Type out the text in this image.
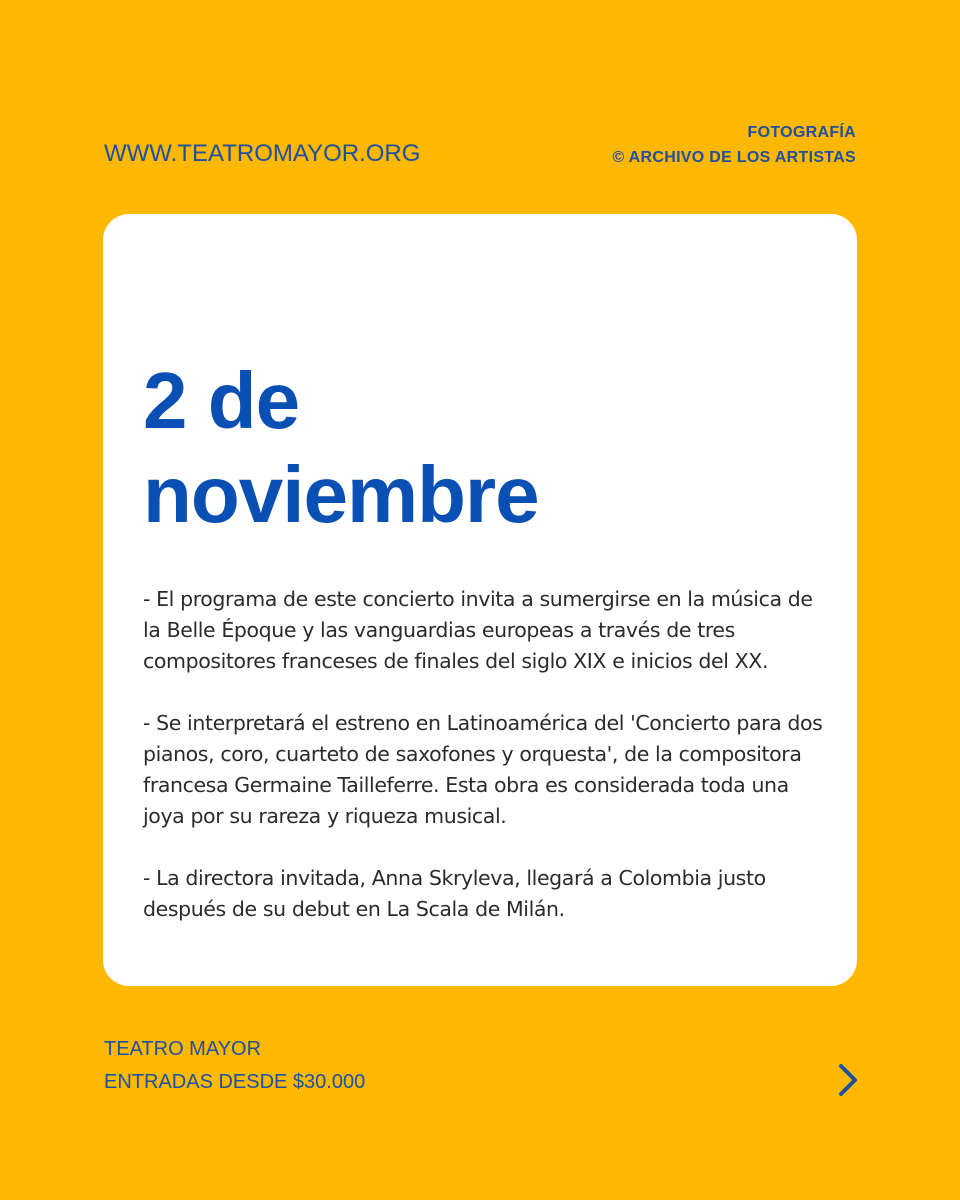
WWW.TEATROMAYOR.ORG
FOTOGRAFÍA
© ARCHIVO DE LOS ARTISTAS
2 de
noviembre

- El programa de este concierto invita a sumergirse en la música de la Belle Époque y las vanguardias europeas a través de tres compositores franceses de finales del siglo XIX e inicios del XX.

- Se interpretará el estreno en Latinoamérica del 'Concierto para dos pianos, coro, cuarteto de saxofones y orquesta', de la compositora francesa Germaine Tailleferre. Esta obra es considerada toda una joya por su rareza y riqueza musical.

- La directora invitada, Anna Skryleva, llegará a Colombia justo después de su debut en La Scala de Milán.

TEATRO MAYOR
ENTRADAS DESDE $30.000
